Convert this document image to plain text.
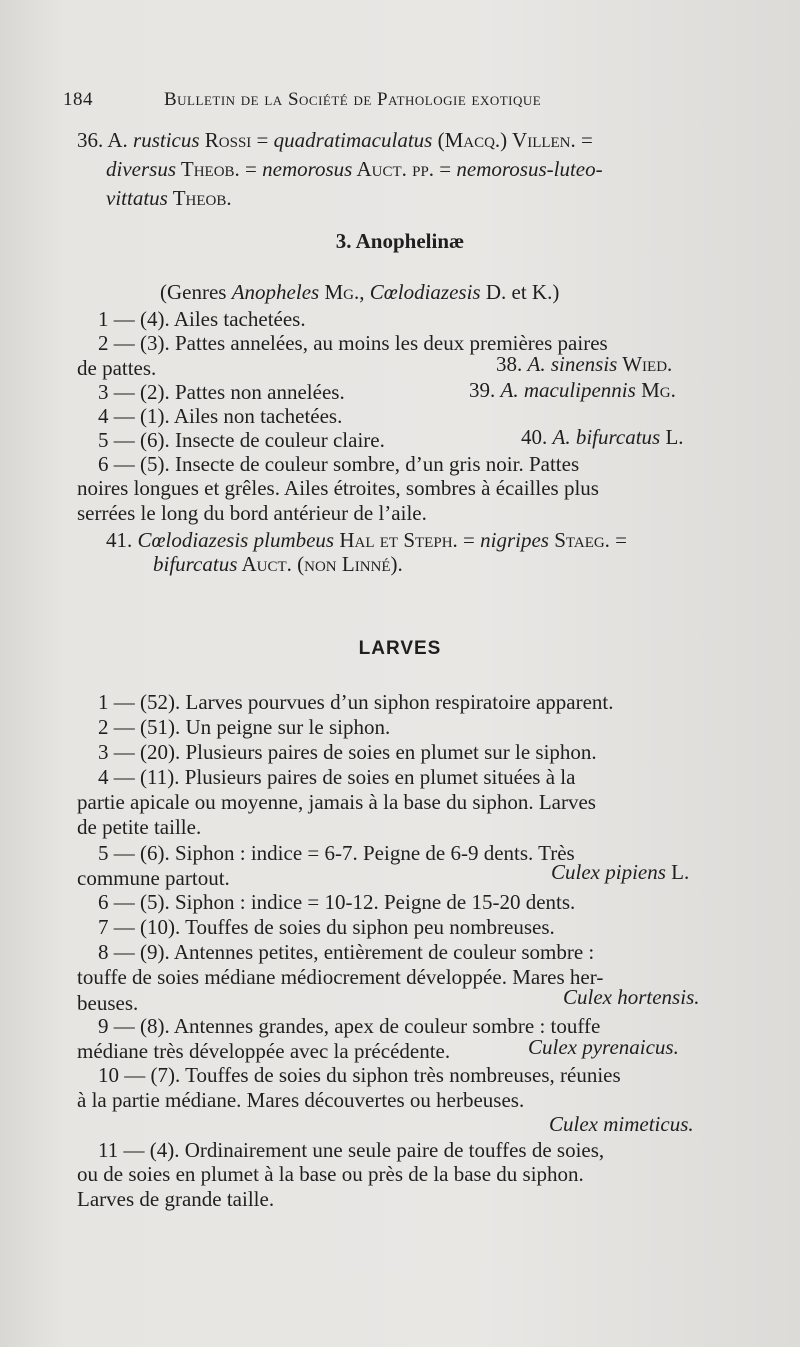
184	Bulletin de la Société de Pathologie exotique
36. A. rusticus Rossi = quadratimaculatus (Macq.) Villen. =
diversus Theob. = nemorosus Auct. pp. = nemorosus-luteo-
vittatus Theob.
3. Anophelinæ
(Genres Anopheles Mg., Cœlodiazesis D. et K.)
1 — (4). Ailes tachetées.
2 — (3). Pattes annelées, au moins les deux premières paires
de pattes.	38. A. sinensis Wied.
3 — (2). Pattes non annelées.	39. A. maculipennis Mg.
4 — (1). Ailes non tachetées.
5 — (6). Insecte de couleur claire.	40. A. bifurcatus L.
6 — (5). Insecte de couleur sombre, d’un gris noir. Pattes
noires longues et grêles. Ailes étroites, sombres à écailles plus
serrées le long du bord antérieur de l’aile.
41. Cœlodiazesis plumbeus Hal et Steph. = nigripes Staeg. =
bifurcatus Auct. (non Linné).
LARVES
1 — (52). Larves pourvues d’un siphon respiratoire apparent.
2 — (51). Un peigne sur le siphon.
3 — (20). Plusieurs paires de soies en plumet sur le siphon.
4 — (11). Plusieurs paires de soies en plumet situées à la
partie apicale ou moyenne, jamais à la base du siphon. Larves
de petite taille.
5 — (6). Siphon : indice = 6-7. Peigne de 6-9 dents. Très
commune partout.	Culex pipiens L.
6 — (5). Siphon : indice = 10-12. Peigne de 15-20 dents.
7 — (10). Touffes de soies du siphon peu nombreuses.
8 — (9). Antennes petites, entièrement de couleur sombre :
touffe de soies médiane médiocrement développée. Mares her-
beuses.	Culex hortensis.
9 — (8). Antennes grandes, apex de couleur sombre : touffe
médiane très développée avec la précédente.	Culex pyrenaicus.
10 — (7). Touffes de soies du siphon très nombreuses, réunies
à la partie médiane. Mares découvertes ou herbeuses.
Culex mimeticus.
11 — (4). Ordinairement une seule paire de touffes de soies,
ou de soies en plumet à la base ou près de la base du siphon.
Larves de grande taille.
